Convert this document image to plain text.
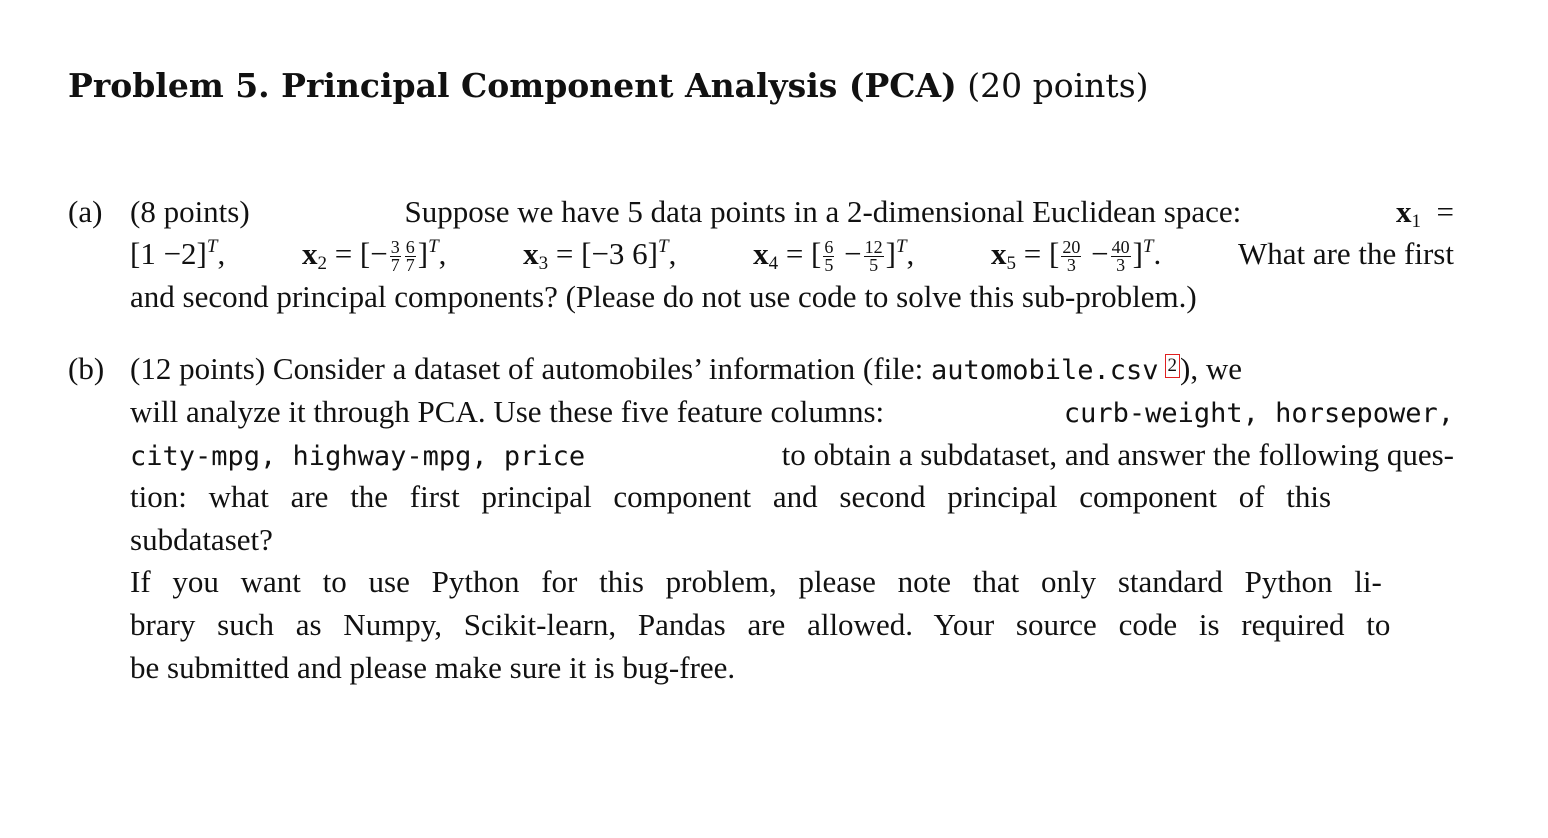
Problem 5. Principal Component Analysis (PCA) (20 points)
(a) (8 points)	Suppose we have 5 data points in a 2-dimensional Euclidean space:	$x_1$  =
$[1 -2]^T$, $x_2$ = [− $\frac{3}{7} \frac{6}{7} ]^T$, $x_3 = [-3$ 6]$^T$, $x_4$ = [ $\frac{6}{5} - \frac{12}{5} ]^T$, $x_5$ = [ $\frac{20}{3} - \frac{40}{3} ]^T$. What are the first
and second principal components? (Please do not use code to solve this sub-problem.)
(b) (12 points) Consider a dataset of automobiles’ information (file: automobile.csv 2), we
will analyze it through PCA. Use these five feature columns:	curb-weight, horsepower,
city-mpg, highway-mpg, price	to obtain a subdataset, and answer the following ques-
tion: what are the first principal component and second principal component of this
subdataset?
If you want to use Python for this problem, please note that only standard Python li-
brary such as Numpy, Scikit-learn, Pandas are allowed. Your source code is required to
be submitted and please make sure it is bug-free.
